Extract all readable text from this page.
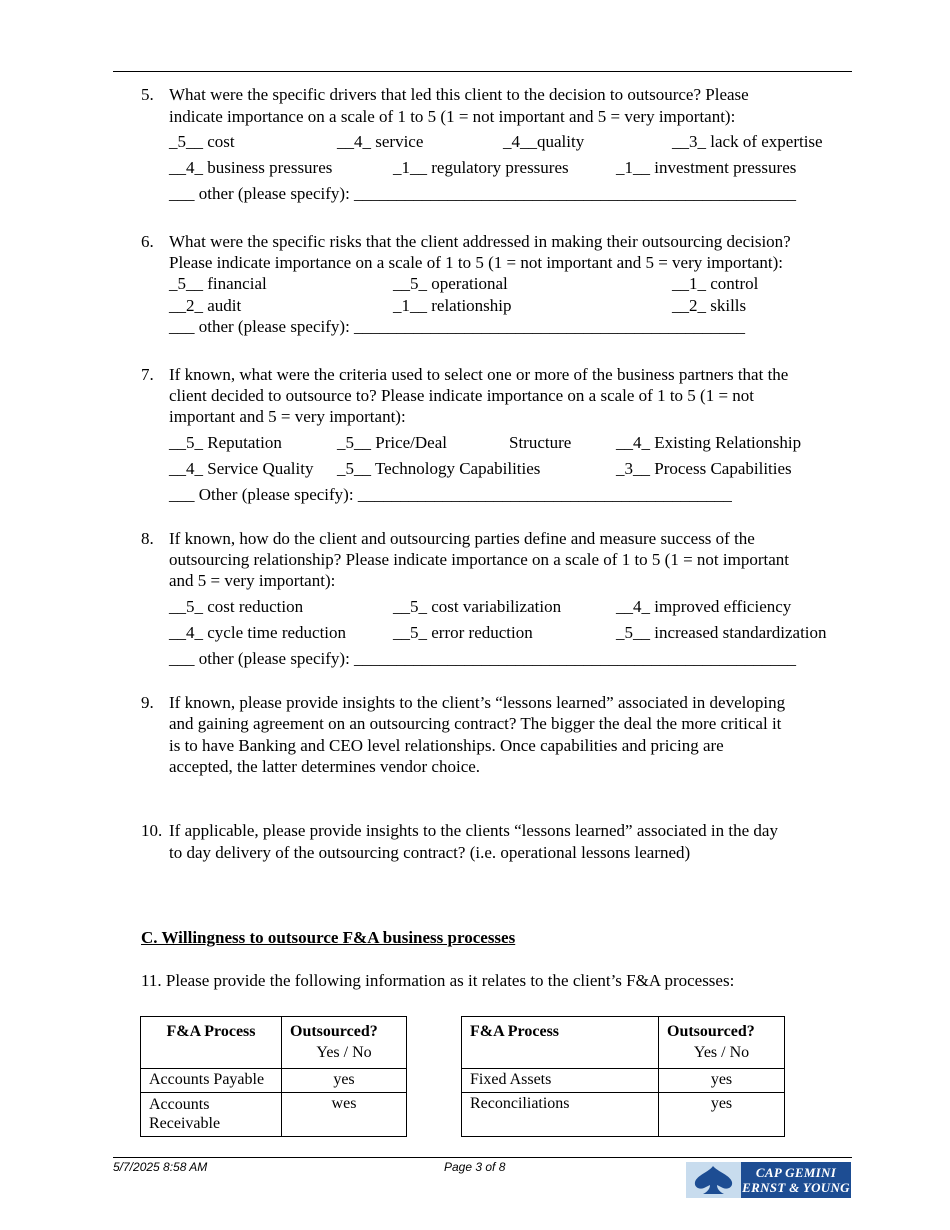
5. What were the specific drivers that led this client to the decision to outsource? Please
indicate importance on a scale of 1 to 5 (1 = not important and 5 = very important):
_5__ cost	__4_ service	_4__quality	__3_ lack of expertise
__4_ business pressures	_1__ regulatory pressures	_1__ investment pressures
___ other (please specify): ____________________________________________________
6. What were the specific risks that the client addressed in making their outsourcing decision?
Please indicate importance on a scale of 1 to 5 (1 = not important and 5 = very important):
_5__ financial	__5_ operational	__1_ control
__2_ audit	_1__ relationship	__2_ skills
___ other (please specify): ______________________________________________
7. If known, what were the criteria used to select one or more of the business partners that the
client decided to outsource to? Please indicate importance on a scale of 1 to 5 (1 = not
important and 5 = very important):
__5_ Reputation	_5__ Price/Deal	Structure	__4_ Existing Relationship
__4_ Service Quality _5__ Technology Capabilities	_3__ Process Capabilities
___ Other (please specify): ____________________________________________
8. If known, how do the client and outsourcing parties define and measure success of the
outsourcing relationship? Please indicate importance on a scale of 1 to 5 (1 = not important
and 5 = very important):
__5_ cost reduction	__5_ cost variabilization	__4_ improved efficiency
__4_ cycle time reduction	__5_ error reduction	_5__ increased standardization
___ other (please specify): ____________________________________________________
9. If known, please provide insights to the client’s “lessons learned” associated in developing
and gaining agreement on an outsourcing contract? The bigger the deal the more critical it
is to have Banking and CEO level relationships. Once capabilities and pricing are
accepted, the latter determines vendor choice.
10. If applicable, please provide insights to the clients “lessons learned” associated in the day
to day delivery of the outsourcing contract? (i.e. operational lessons learned)
C. Willingness to outsource F&A business processes
11. Please provide the following information as it relates to the client’s F&A processes:
F&A Process	Outsourced?
Yes / No

Accounts Payable	yes
Accounts Receivable	wes
F&A Process	Outsourced?
Yes / No

Fixed Assets	yes
Reconciliations	yes
5/7/2025 8:58 AM	Page 3 of 8	CAP GEMINI
ERNST & YOUNG
